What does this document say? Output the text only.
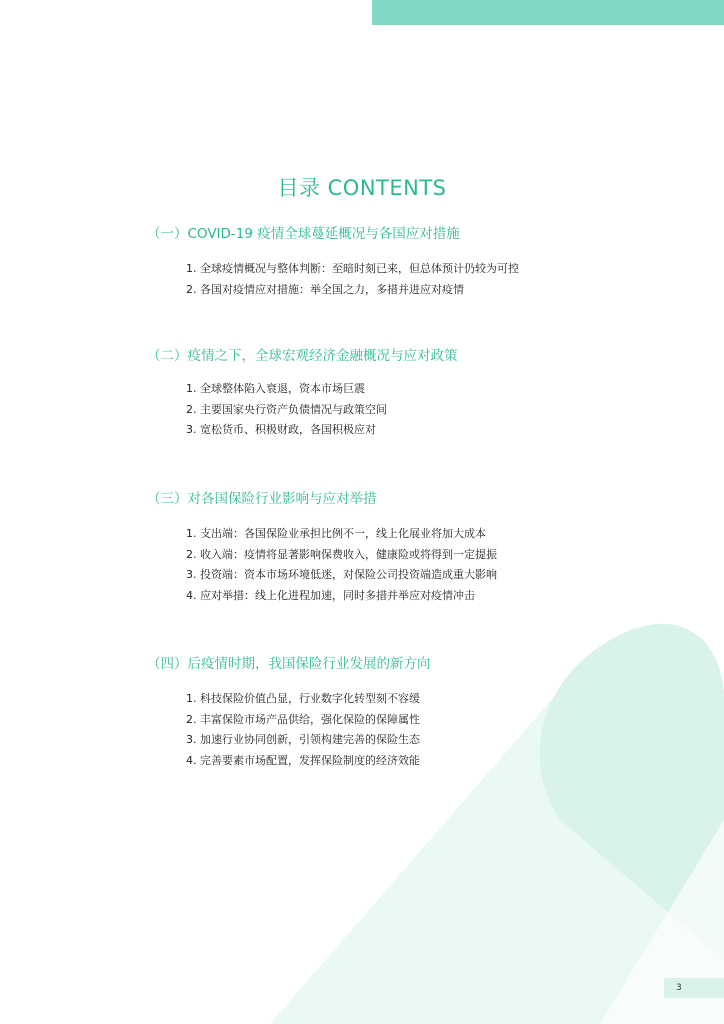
目录 CONTENTS
（一）COVID-19 疫情全球蔓延概况与各国应对措施
1. 全球疫情概况与整体判断：至暗时刻已来，但总体预计仍较为可控
2. 各国对疫情应对措施：举全国之力，多措并进应对疫情
（二）疫情之下，全球宏观经济金融概况与应对政策
1. 全球整体陷入衰退，资本市场巨震
2. 主要国家央行资产负债情况与政策空间
3. 宽松货币、积极财政，各国积极应对
（三）对各国保险行业影响与应对举措
1. 支出端：各国保险业承担比例不一，线上化展业将加大成本
2. 收入端：疫情将显著影响保费收入，健康险或将得到一定提振
3. 投资端：资本市场环境低迷，对保险公司投资端造成重大影响
4. 应对举措：线上化进程加速，同时多措并举应对疫情冲击
（四）后疫情时期，我国保险行业发展的新方向
1. 科技保险价值凸显，行业数字化转型刻不容缓
2. 丰富保险市场产品供给，强化保险的保障属性
3. 加速行业协同创新，引领构建完善的保险生态
4. 完善要素市场配置，发挥保险制度的经济效能
3
